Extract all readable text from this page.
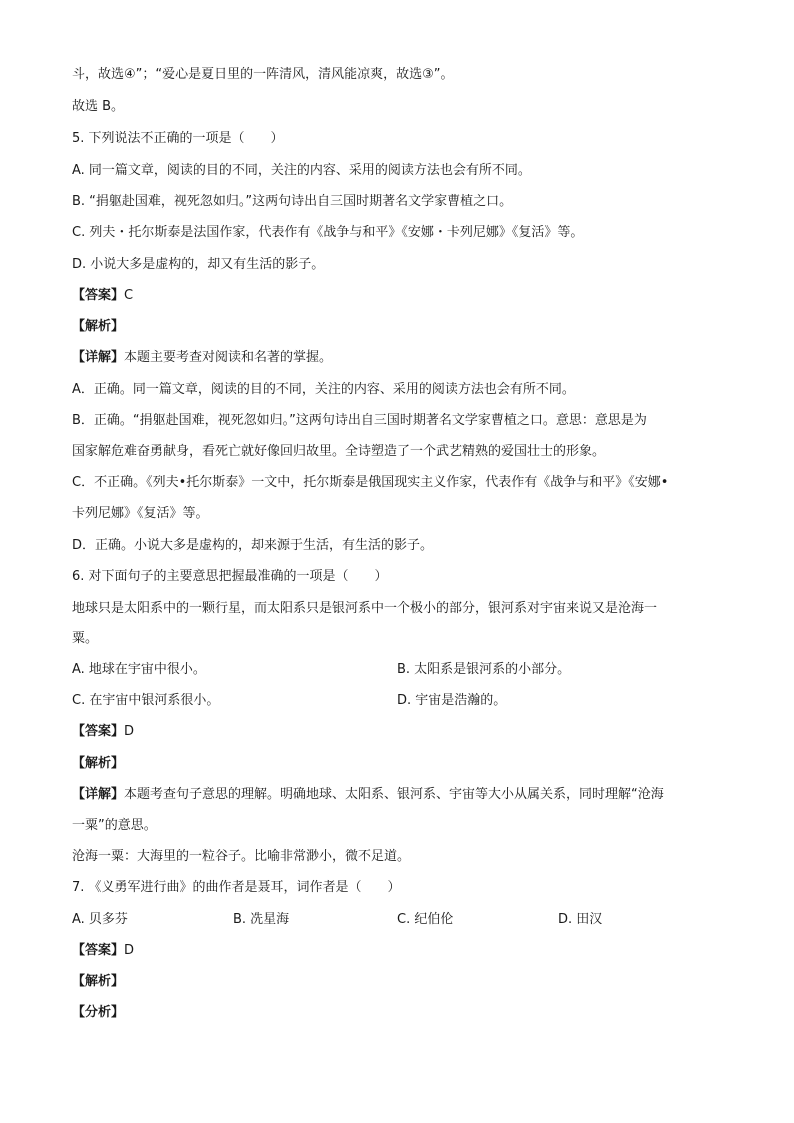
斗，故选④”；“爱心是夏日里的一阵清风，清风能凉爽，故选③”。
故选 B。
5. 下列说法不正确的一项是（　　）
A. 同一篇文章，阅读的目的不同，关注的内容、采用的阅读方法也会有所不同。
B. “捐躯赴国难，视死忽如归。”这两句诗出自三国时期著名文学家曹植之口。
C. 列夫・托尔斯泰是法国作家，代表作有《战争与和平》《安娜・卡列尼娜》《复活》等。
D. 小说大多是虚构的，却又有生活的影子。
【答案】C
【解析】
【详解】本题主要考查对阅读和名著的掌握。
A．正确。同一篇文章，阅读的目的不同，关注的内容、采用的阅读方法也会有所不同。
B．正确。“捐躯赴国难，视死忽如归。”这两句诗出自三国时期著名文学家曹植之口。意思：意思是为
国家解危难奋勇献身，看死亡就好像回归故里。全诗塑造了一个武艺精熟的爱国壮士的形象。
C．不正确。《列夫•托尔斯泰》一文中，托尔斯泰是俄国现实主义作家，代表作有《战争与和平》《安娜•
卡列尼娜》《复活》等。
D．正确。小说大多是虚构的，却来源于生活，有生活的影子。
6. 对下面句子的主要意思把握最准确的一项是（　　）
地球只是太阳系中的一颗行星，而太阳系只是银河系中一个极小的部分，银河系对宇宙来说又是沧海一
粟。
A. 地球在宇宙中很小。	B. 太阳系是银河系的小部分。
C. 在宇宙中银河系很小。	D. 宇宙是浩瀚的。
【答案】D
【解析】
【详解】本题考查句子意思的理解。明确地球、太阳系、银河系、宇宙等大小从属关系，同时理解“沧海
一粟”的意思。
沧海一粟：大海里的一粒谷子。比喻非常渺小，微不足道。
7. 《义勇军进行曲》的曲作者是聂耳，词作者是（　　）
A. 贝多芬	B. 冼星海	C. 纪伯伦	D. 田汉
【答案】D
【解析】
【分析】
